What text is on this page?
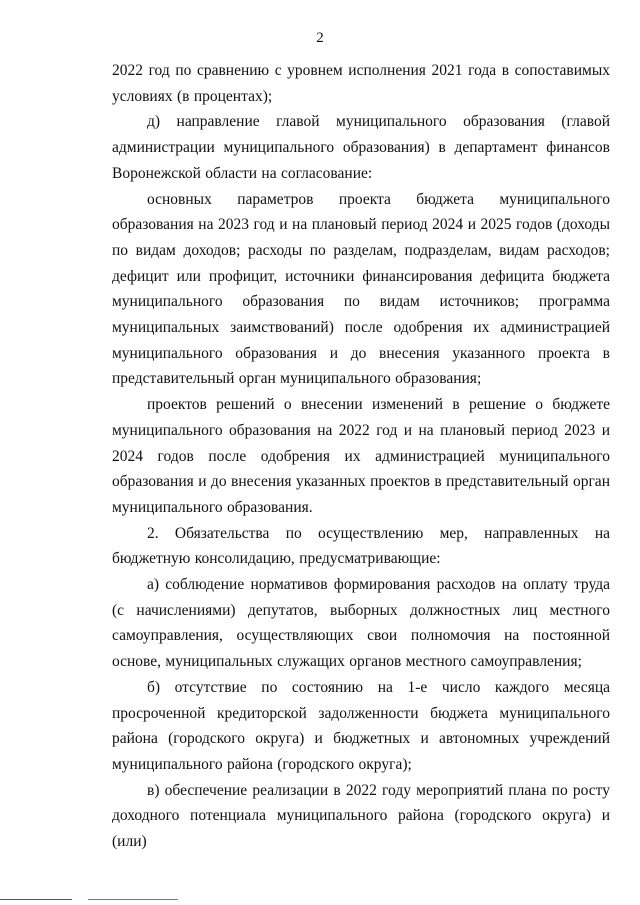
2

2022 год по сравнению с уровнем исполнения 2021 года в сопоставимых условиях (в процентах);

д) направление главой муниципального образования (главой администрации муниципального образования) в департамент финансов Воронежской области на согласование:

основных параметров проекта бюджета муниципального образования на 2023 год и на плановый период 2024 и 2025 годов (доходы по видам доходов; расходы по разделам, подразделам, видам расходов; дефицит или профицит, источники финансирования дефицита бюджета муниципального образования по видам источников; программа муниципальных заимствований) после одобрения их администрацией муниципального образования и до внесения указанного проекта в представительный орган муниципального образования;

проектов решений о внесении изменений в решение о бюджете муниципального образования на 2022 год и на плановый период 2023 и 2024 годов после одобрения их администрацией муниципального образования и до внесения указанных проектов в представительный орган муниципального образования.

2. Обязательства по осуществлению мер, направленных на бюджетную консолидацию, предусматривающие:

а) соблюдение нормативов формирования расходов на оплату труда (с начислениями) депутатов, выборных должностных лиц местного самоуправления, осуществляющих свои полномочия на постоянной основе, муниципальных служащих органов местного самоуправления;

б) отсутствие по состоянию на 1-е число каждого месяца просроченной кредиторской задолженности бюджета муниципального района (городского округа) и бюджетных и автономных учреждений муниципального района (городского округа);

в) обеспечение реализации в 2022 году мероприятий плана по росту доходного потенциала муниципального района (городского округа) и (или)
